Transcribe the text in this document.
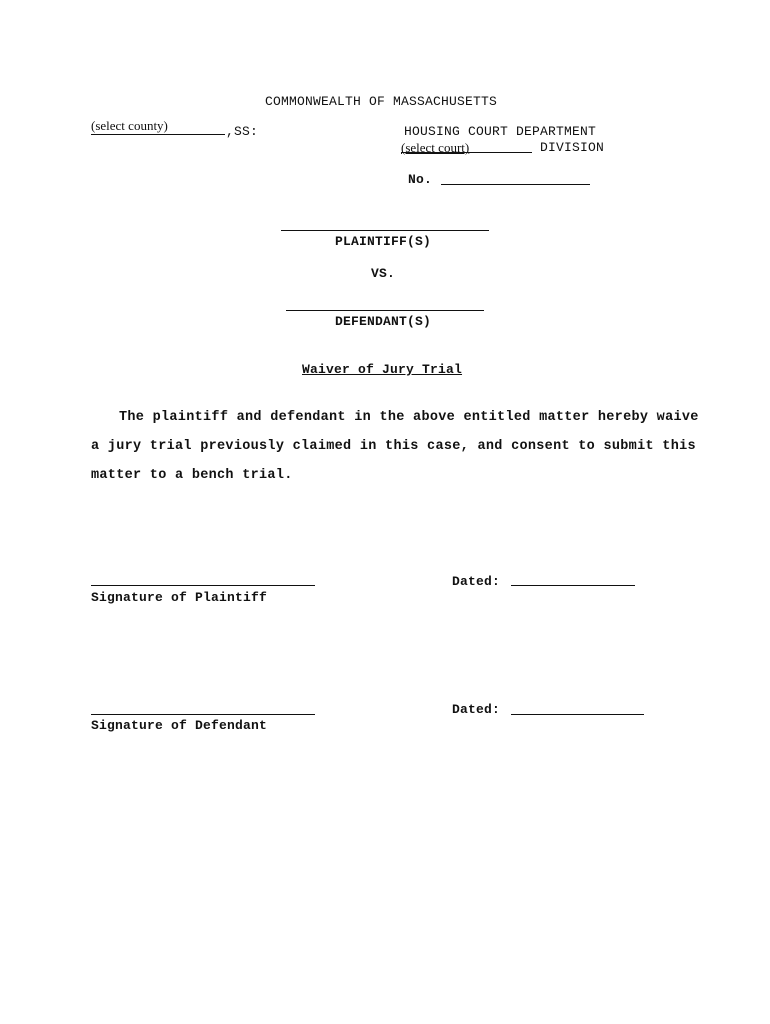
COMMONWEALTH OF MASSACHUSETTS
(select county)	,SS:	HOUSING COURT DEPARTMENT
(select court)	DIVISION
No.
PLAINTIFF(S)
VS.
DEFENDANT(S)
Waiver of Jury Trial
The plaintiff and defendant in the above entitled matter hereby waive
a jury trial previously claimed in this case, and consent to submit this
matter to a bench trial.
Signature of Plaintiff
Dated:
Signature of Defendant
Dated:
